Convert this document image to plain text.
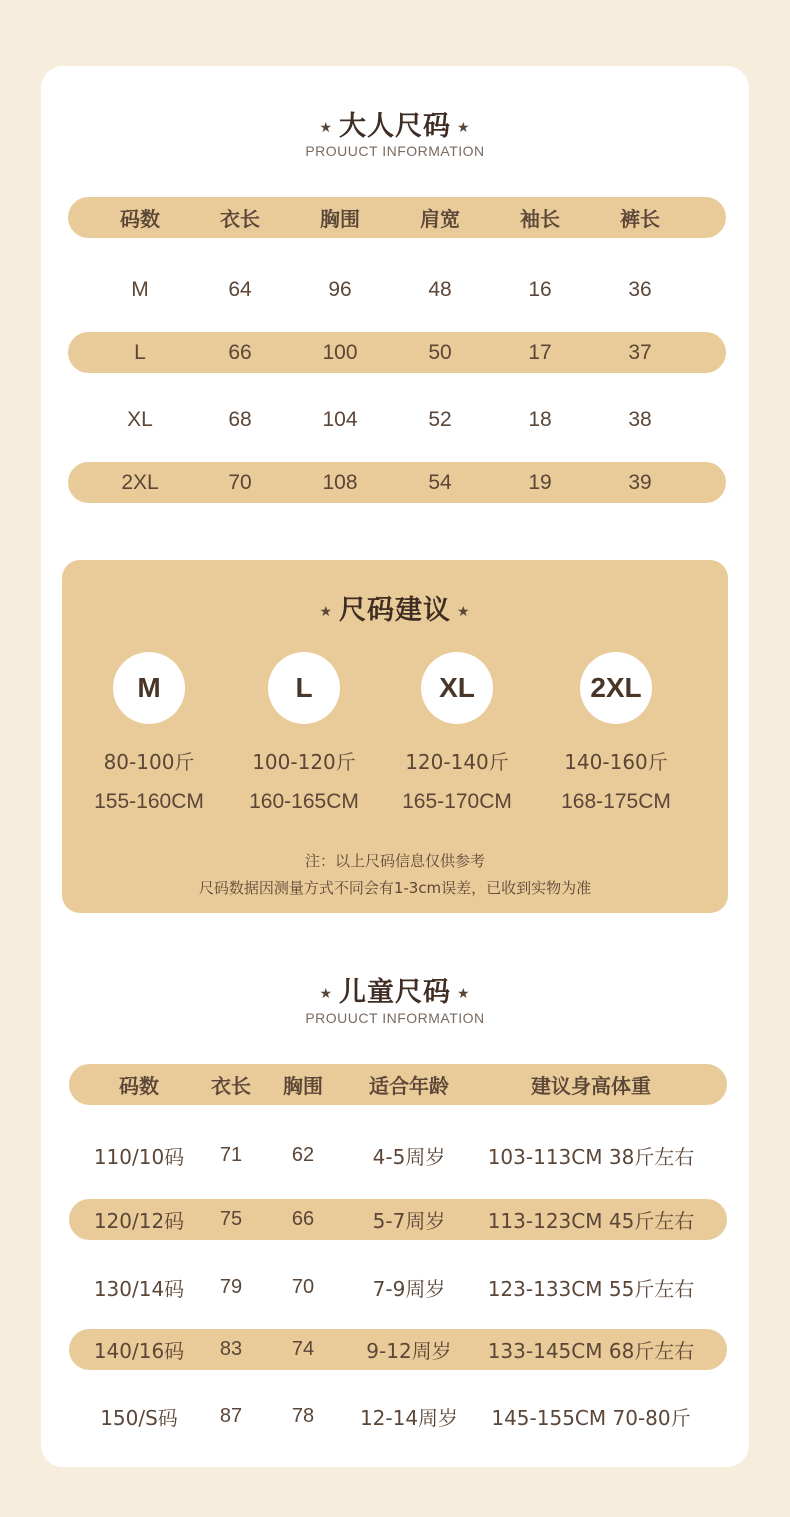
★ 大人尺码 ★
PROUUCT INFORMATION
码数	衣长	胸围	肩宽	袖长	裤长
M	64	96	48	16	36
L	66	100	50	17	37
XL	68	104	52	18	38
2XL	70	108	54	19	39
★ 儿童尺码 ★
PROUUCT INFORMATION
码数	衣长	胸围	适合年龄	建议身高体重
110/10码	71	62	4-5周岁	103-113CM 38斤左右
120/12码	75	66	5-7周岁	113-123CM 45斤左右
130/14码	79	70	7-9周岁	123-133CM 55斤左右
140/16码	83	74	9-12周岁	133-145CM 68斤左右
150/S码	87	78	12-14周岁	145-155CM 70-80斤
★ 尺码建议 ★
M	L	XL	2XL
80-100斤	100-120斤	120-140斤	140-160斤
155-160CM	160-165CM	165-170CM	168-175CM
注：以上尺码信息仅供参考
尺码数据因测量方式不同会有1-3cm误差，已收到实物为准
